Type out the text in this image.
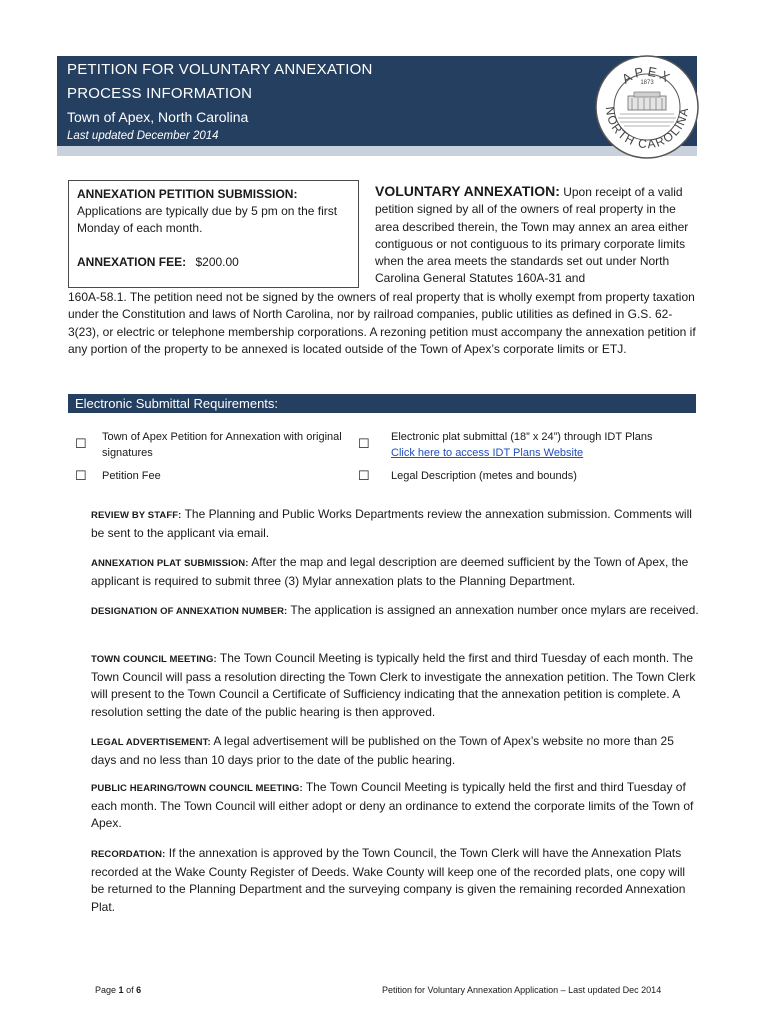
PETITION FOR VOLUNTARY ANNEXATION
PROCESS INFORMATION
Town of Apex, North Carolina
Last updated December 2014
APEX
1873
NORTH CAROLINA
ANNEXATION PETITION SUBMISSION:
Applications are typically due by 5 pm on the first Monday of each month.
ANNEXATION FEE: $200.00
VOLUNTARY ANNEXATION: Upon receipt of a valid petition signed by all of the owners of real property in the area described therein, the Town may annex an area either contiguous or not contiguous to its primary corporate limits when the area meets the standards set out under North Carolina General Statutes 160A-31 and
160A-58.1. The petition need not be signed by the owners of real property that is wholly exempt from property taxation under the Constitution and laws of North Carolina, nor by railroad companies, public utilities as defined in G.S. 62-3(23), or electric or telephone membership corporations. A rezoning petition must accompany the annexation petition if any portion of the property to be annexed is located outside of the Town of Apex’s corporate limits or ETJ.
Electronic Submittal Requirements:
☐ Town of Apex Petition for Annexation with original signatures
☐ Electronic plat submittal (18” x 24”) through IDT Plans
Click here to access IDT Plans Website
☐ Petition Fee	☐ Legal Description (metes and bounds)
REVIEW BY STAFF: The Planning and Public Works Departments review the annexation submission. Comments will be sent to the applicant via email.
ANNEXATION PLAT SUBMISSION: After the map and legal description are deemed sufficient by the Town of Apex, the applicant is required to submit three (3) Mylar annexation plats to the Planning Department.
DESIGNATION OF ANNEXATION NUMBER: The application is assigned an annexation number once mylars are received.
TOWN COUNCIL MEETING: The Town Council Meeting is typically held the first and third Tuesday of each month. The Town Council will pass a resolution directing the Town Clerk to investigate the annexation petition. The Town Clerk will present to the Town Council a Certificate of Sufficiency indicating that the annexation petition is complete. A resolution setting the date of the public hearing is then approved.
LEGAL ADVERTISEMENT: A legal advertisement will be published on the Town of Apex’s website no more than 25 days and no less than 10 days prior to the date of the public hearing.
PUBLIC HEARING/TOWN COUNCIL MEETING: The Town Council Meeting is typically held the first and third Tuesday of each month. The Town Council will either adopt or deny an ordinance to extend the corporate limits of the Town of Apex.
RECORDATION: If the annexation is approved by the Town Council, the Town Clerk will have the Annexation Plats recorded at the Wake County Register of Deeds. Wake County will keep one of the recorded plats, one copy will be returned to the Planning Department and the surveying company is given the remaining recorded Annexation Plat.
Page 1 of 6	Petition for Voluntary Annexation Application – Last updated Dec 2014
